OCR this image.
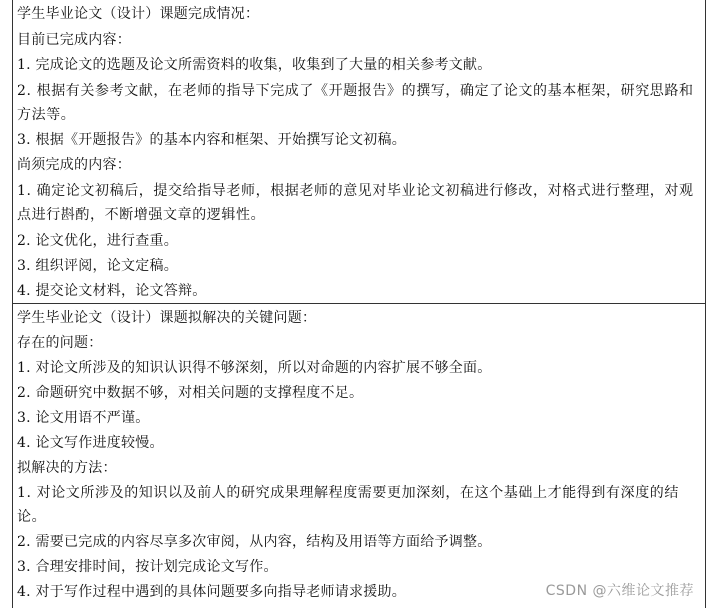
学生毕业论文（设计）课题完成情况：
目前已完成内容：
1. 完成论文的选题及论文所需资料的收集，收集到了大量的相关参考文献。
2. 根据有关参考文献，在老师的指导下完成了《开题报告》的撰写，确定了论文的基本框架，研究思路和方法等。
3. 根据《开题报告》的基本内容和框架、开始撰写论文初稿。
尚须完成的内容：
1. 确定论文初稿后，提交给指导老师，根据老师的意见对毕业论文初稿进行修改，对格式进行整理，对观点进行斟酌，不断增强文章的逻辑性。
2. 论文优化，进行查重。
3. 组织评阅，论文定稿。
4. 提交论文材料，论文答辩。
学生毕业论文（设计）课题拟解决的关键问题：
存在的问题：
1. 对论文所涉及的知识认识得不够深刻，所以对命题的内容扩展不够全面。
2. 命题研究中数据不够，对相关问题的支撑程度不足。
3. 论文用语不严谨。
4. 论文写作进度较慢。
拟解决的方法：
1. 对论文所涉及的知识以及前人的研究成果理解程度需要更加深刻，在这个基础上才能得到有深度的结论。
2. 需要已完成的内容尽享多次审阅，从内容，结构及用语等方面给予调整。
3. 合理安排时间，按计划完成论文写作。
4. 对于写作过程中遇到的具体问题要多向指导老师请求援助。	CSDN @六维论文推荐
